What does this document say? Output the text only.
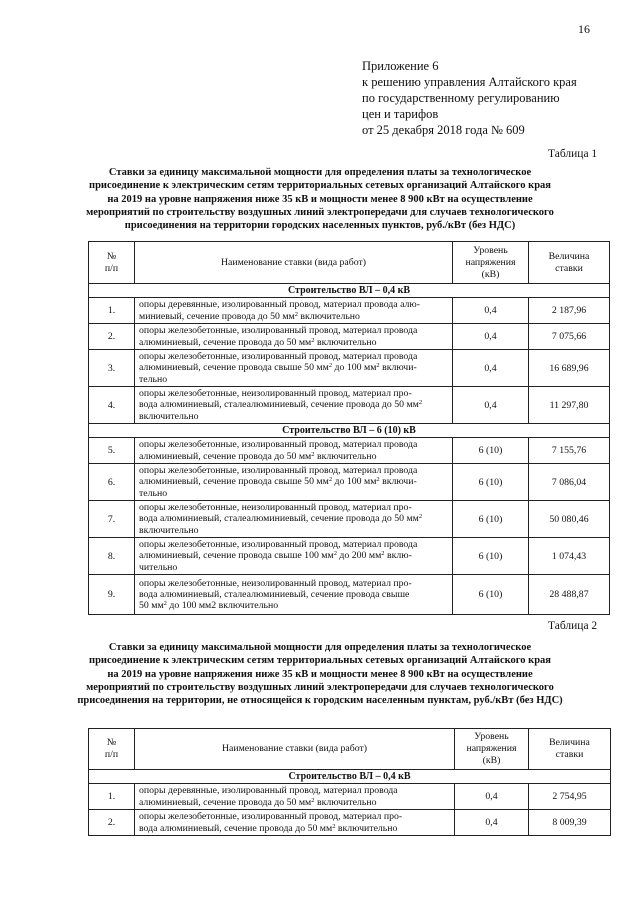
16
Приложение 6
к решению управления Алтайского края
по государственному регулированию
цен и тарифов
от 25 декабря 2018 года № 609
Таблица 1
Ставки за единицу максимальной мощности для определения платы за технологическое
присоединение к электрическим сетям территориальных сетевых организаций Алтайского края
на 2019 на уровне напряжения ниже 35 кВ и мощности менее 8 900 кВт на осуществление
мероприятий по строительству воздушных линий электропередачи для случаев технологического
присоединения на территории городских населенных пунктов, руб./кВт (без НДС)
№
п/п	Наименование ставки (вида работ)	Уровень
напряжения
(кВ)	Величина
ставки
Строительство ВЛ – 0,4 кВ			
1.	опоры деревянные, изолированный провод, материал провода алю-
миниевый, сечение провода до 50 $мм^2$ включительно	0,4	2 187,96
2.	опоры железобетонные, изолированный провод, материал провода
алюминиевый, сечение провода до 50 $мм^2$ включительно	0,4	7 075,66
3.	опоры железобетонные, изолированный провод, материал провода
алюминиевый, сечение провода свыше 50 $мм^2$ до 100 $мм^2$ включи-
тельно	0,4	16 689,96
4.	опоры железобетонные, неизолированный провод, материал про-
вода алюминиевый, сталеалюминиевый, сечение провода до 50 $мм^2$
включительно	0,4	11 297,80
Строительство ВЛ – 6 (10) кВ			
5.	опоры железобетонные, изолированный провод, материал провода
алюминиевый, сечение провода до 50 $мм^2$ включительно	6 (10)	7 155,76
6.	опоры железобетонные, изолированный провод, материал провода
алюминиевый, сечение провода свыше 50 $мм^2$ до 100 $мм^2$ включи-
тельно	6 (10)	7 086,04
7.	опоры железобетонные, неизолированный провод, материал про-
вода алюминиевый, сталеалюминиевый, сечение провода до 50 $мм^2$
включительно	6 (10)	50 080,46
8.	опоры железобетонные, изолированный провод, материал провода
алюминиевый, сечение провода свыше 100 $мм^2$ до 200 $мм^2$ вклю-
чительно	6 (10)	1 074,43
9.	опоры железобетонные, неизолированный провод, материал про-
вода алюминиевый, сталеалюминиевый, сечение провода свыше
50 $мм^2$ до 100 мм2 включительно	6 (10)	28 488,87
Таблица 2
Ставки за единицу максимальной мощности для определения платы за технологическое
присоединение к электрическим сетям территориальных сетевых организаций Алтайского края
на 2019 на уровне напряжения ниже 35 кВ и мощности менее 8 900 кВт на осуществление
мероприятий по строительству воздушных линий электропередачи для случаев технологического
присоединения на территории, не относящейся к городским населенным пунктам, руб./кВт (без НДС)
№
п/п	Наименование ставки (вида работ)	Уровень
напряжения
(кВ)	Величина
ставки
Строительство ВЛ – 0,4 кВ			
1.	опоры деревянные, изолированный провод, материал провода
алюминиевый, сечение провода до 50 $мм^2$ включительно	0,4	2 754,95
2.	опоры железобетонные, изолированный провод, материал про-
вода алюминиевый, сечение провода до 50 $мм^2$ включительно	0,4	8 009,39
